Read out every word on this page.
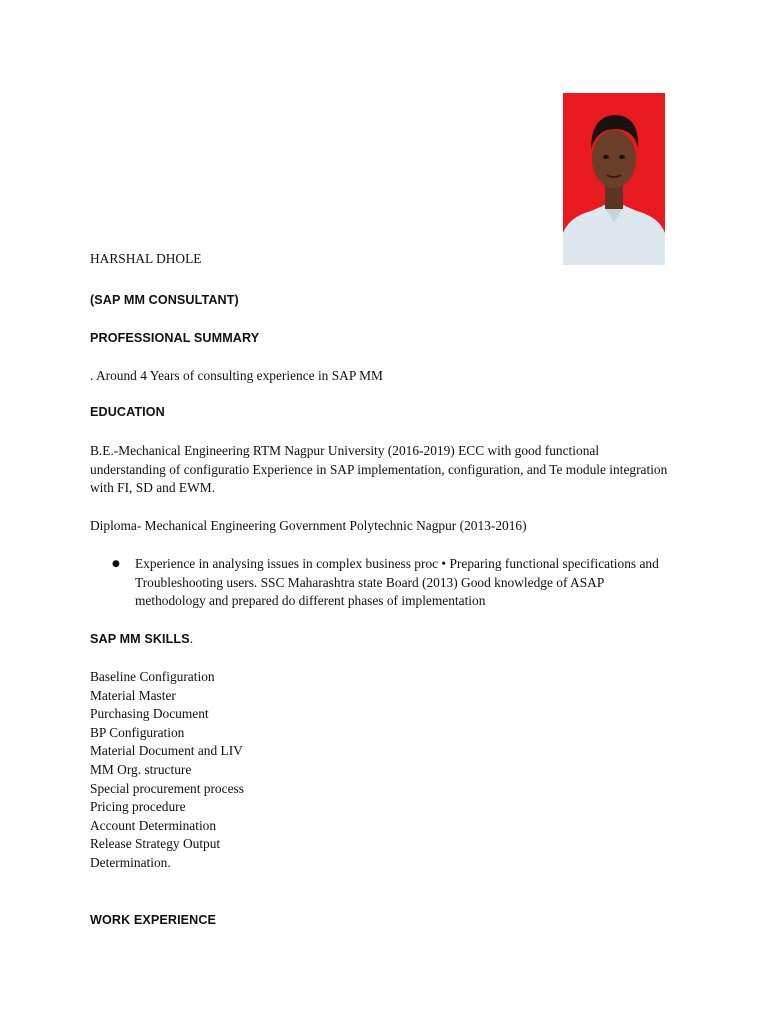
HARSHAL DHOLE
(SAP MM CONSULTANT)
PROFESSIONAL SUMMARY
. Around 4 Years of consulting experience in SAP MM
EDUCATION

B.E.-Mechanical Engineering RTM Nagpur University (2016-2019) ECC with good functional understanding of configuratio Experience in SAP implementation, configuration, and Te module integration with FI, SD and EWM.

Diploma- Mechanical Engineering Government Polytechnic Nagpur (2013-2016)

● Experience in analysing issues in complex business proc • Preparing functional specifications and Troubleshooting users. SSC Maharashtra state Board (2013) Good knowledge of ASAP methodology and prepared do different phases of implementation
SAP MM SKILLS.
Baseline Configuration
Material Master
Purchasing Document
BP Configuration
Material Document and LIV
MM Org. structure
Special procurement process
Pricing procedure
Account Determination
Release Strategy Output
Determination.
WORK EXPERIENCE
